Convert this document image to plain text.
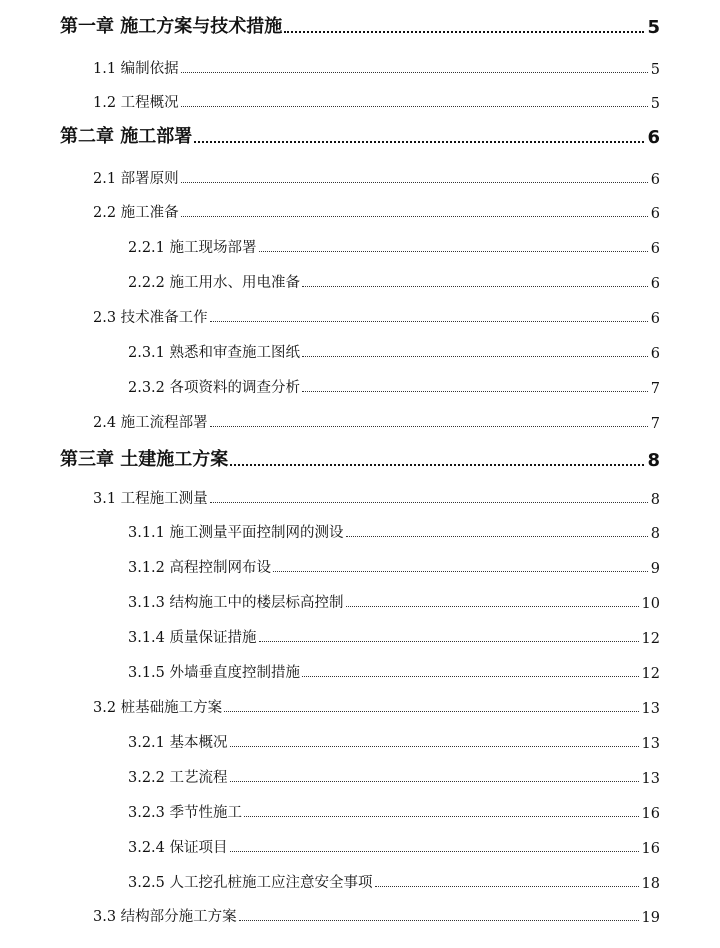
第一章 施工方案与技术措施	5
1.1 编制依据	5
1.2 工程概况	5
第二章 施工部署	6
2.1 部署原则	6
2.2 施工准备	6
2.2.1 施工现场部署	6
2.2.2 施工用水、用电准备	6
2.3 技术准备工作	6
2.3.1 熟悉和审查施工图纸	6
2.3.2 各项资料的调查分析	7
2.4 施工流程部署	7
第三章 土建施工方案	8
3.1 工程施工测量	8
3.1.1 施工测量平面控制网的测设	8
3.1.2 高程控制网布设	9
3.1.3 结构施工中的楼层标高控制	10
3.1.4 质量保证措施	12
3.1.5 外墙垂直度控制措施	12
3.2 桩基础施工方案	13
3.2.1 基本概况	13
3.2.2 工艺流程	13
3.2.3 季节性施工	16
3.2.4 保证项目	16
3.2.5 人工挖孔桩施工应注意安全事项	18
3.3 结构部分施工方案	19
